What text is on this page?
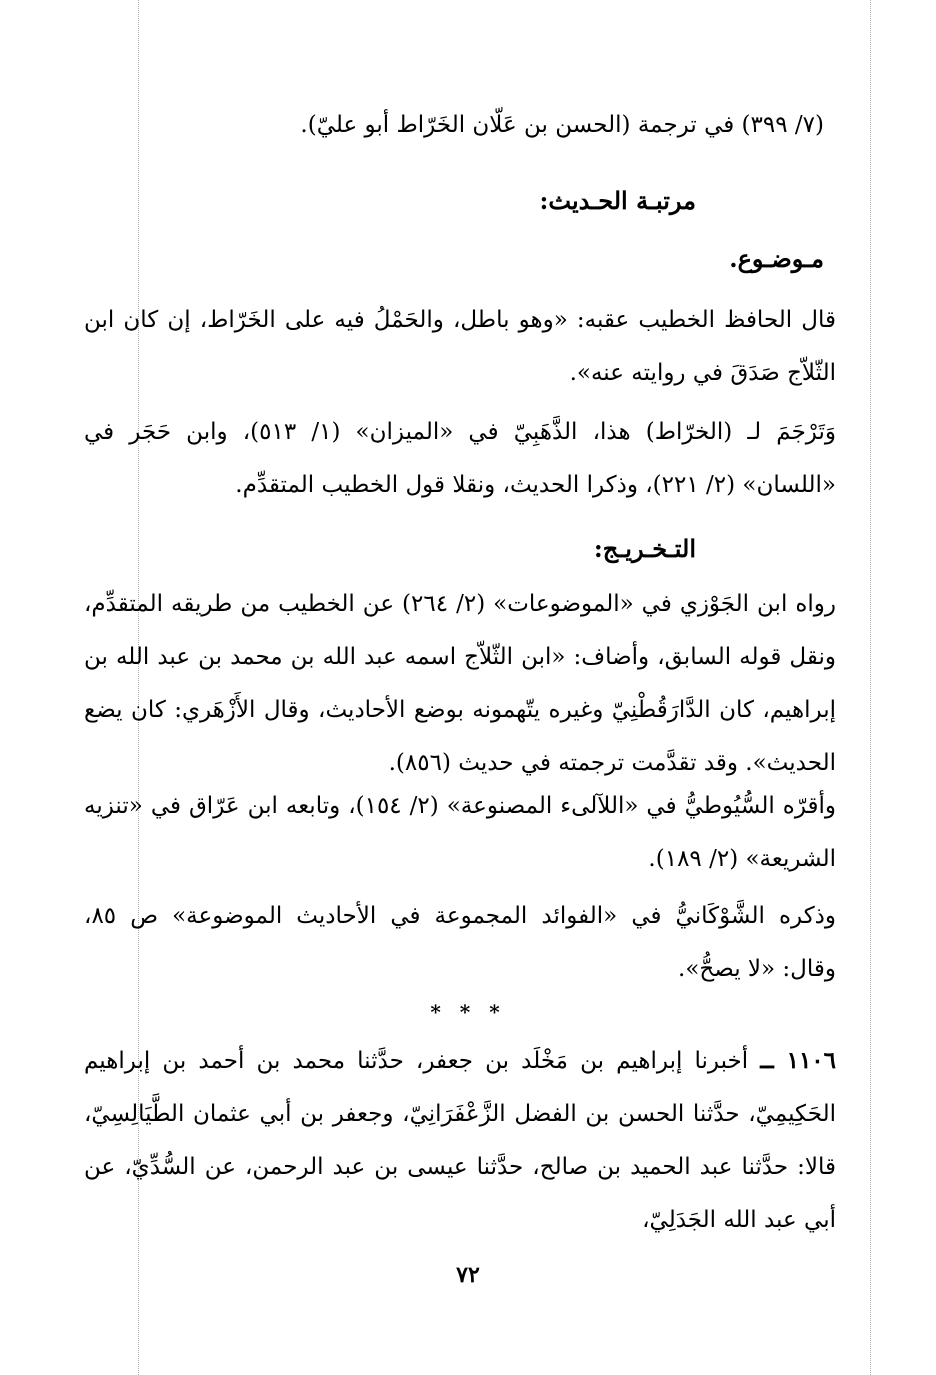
(٧/ ٣٩٩) في ترجمة (الحسن بن عَلّان الخَرّاط أبو عليّ).
مرتبـة الحـديث:
مـوضـوع.
قال الحافظ الخطيب عقبه: «وهو باطل، والحَمْلُ فيه على الخَرّاط، إن كان ابن الثّلاّج صَدَقَ في روايته عنه».
وَتَرْجَمَ لـ (الخرّاط) هذا، الذَّهَبِيّ في «الميزان» (١/ ٥١٣)، وابن حَجَر في «اللسان» (٢/ ٢٢١)، وذكرا الحديث، ونقلا قول الخطيب المتقدِّم.
التـخـريـج:
رواه ابن الجَوْزي في «الموضوعات» (٢/ ٢٦٤) عن الخطيب من طريقه المتقدِّم، ونقل قوله السابق، وأضاف: «ابن الثّلاّج اسمه عبد الله بن محمد بن عبد الله بن إبراهيم، كان الدَّارَقُطْنِيّ وغيره يتّهمونه بوضع الأحاديث، وقال الأَزْهَري: كان يضع الحديث». وقد تقدَّمت ترجمته في حديث (٨٥٦).
وأقرّه السُّيُوطيُّ في «اللآلىء المصنوعة» (٢/ ١٥٤)، وتابعه ابن عَرّاق في «تنزيه الشريعة» (٢/ ١٨٩).
وذكره الشَّوْكَانيُّ في «الفوائد المجموعة في الأحاديث الموضوعة» ص ٨٥، وقال: «لا يصحُّ».
* * *
١١٠٦ ــ أخبرنا إبراهيم بن مَخْلَد بن جعفر، حدَّثنا محمد بن أحمد بن إبراهيم الحَكِيمِيّ، حدَّثنا الحسن بن الفضل الزَّعْفَرَانِيّ، وجعفر بن أبي عثمان الطَّيَالِسِيّ، قالا: حدَّثنا عبد الحميد بن صالح، حدَّثنا عيسى بن عبد الرحمن، عن السُّدِّيّ، عن أبي عبد الله الجَدَلِيّ،
٧٢
